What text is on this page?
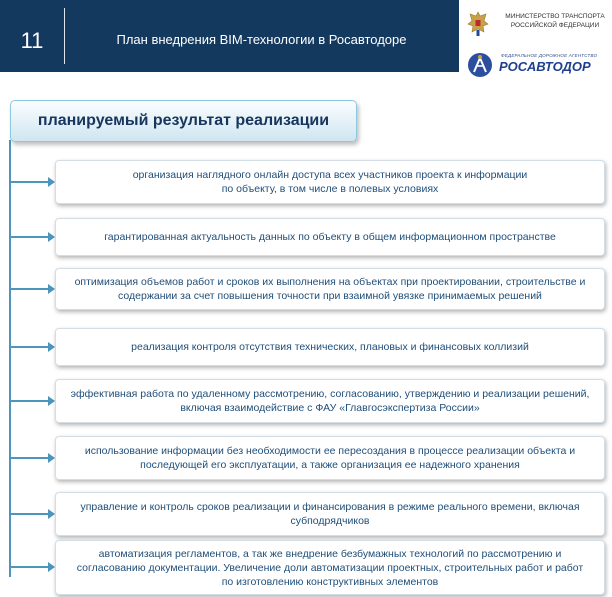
11	План внедрения BIM-технологии в Росавтодоре
МИНИСТЕРСТВО ТРАНСПОРТА РОССИЙСКОЙ ФЕДЕРАЦИИ
ФЕДЕРАЛЬНОЕ ДОРОЖНОЕ АГЕНТСТВО
РОСАВТОДОР
планируемый результат реализации
организация наглядного онлайн доступа всех участников проекта к информации
по объекту, в том числе в полевых условиях
гарантированная актуальность данных по объекту в общем информационном пространстве
оптимизация объемов работ и сроков их выполнения на объектах при проектировании, строительстве и
содержании за счет повышения точности при взаимной увязке принимаемых решений
реализация контроля отсутствия технических, плановых и финансовых коллизий
эффективная работа по удаленному рассмотрению, согласованию, утверждению и реализации решений,
включая взаимодействие с ФАУ «Главгосэкспертиза России»
использование информации без необходимости ее пересоздания в процессе реализации объекта и
последующей его эксплуатации, а также организация ее надежного хранения
управление и контроль сроков реализации и финансирования в режиме реального времени, включая
субподрядчиков
автоматизация регламентов, а так же внедрение безбумажных технологий по рассмотрению и
согласованию документации. Увеличение доли автоматизации проектных, строительных работ и работ
по изготовлению конструктивных элементов
